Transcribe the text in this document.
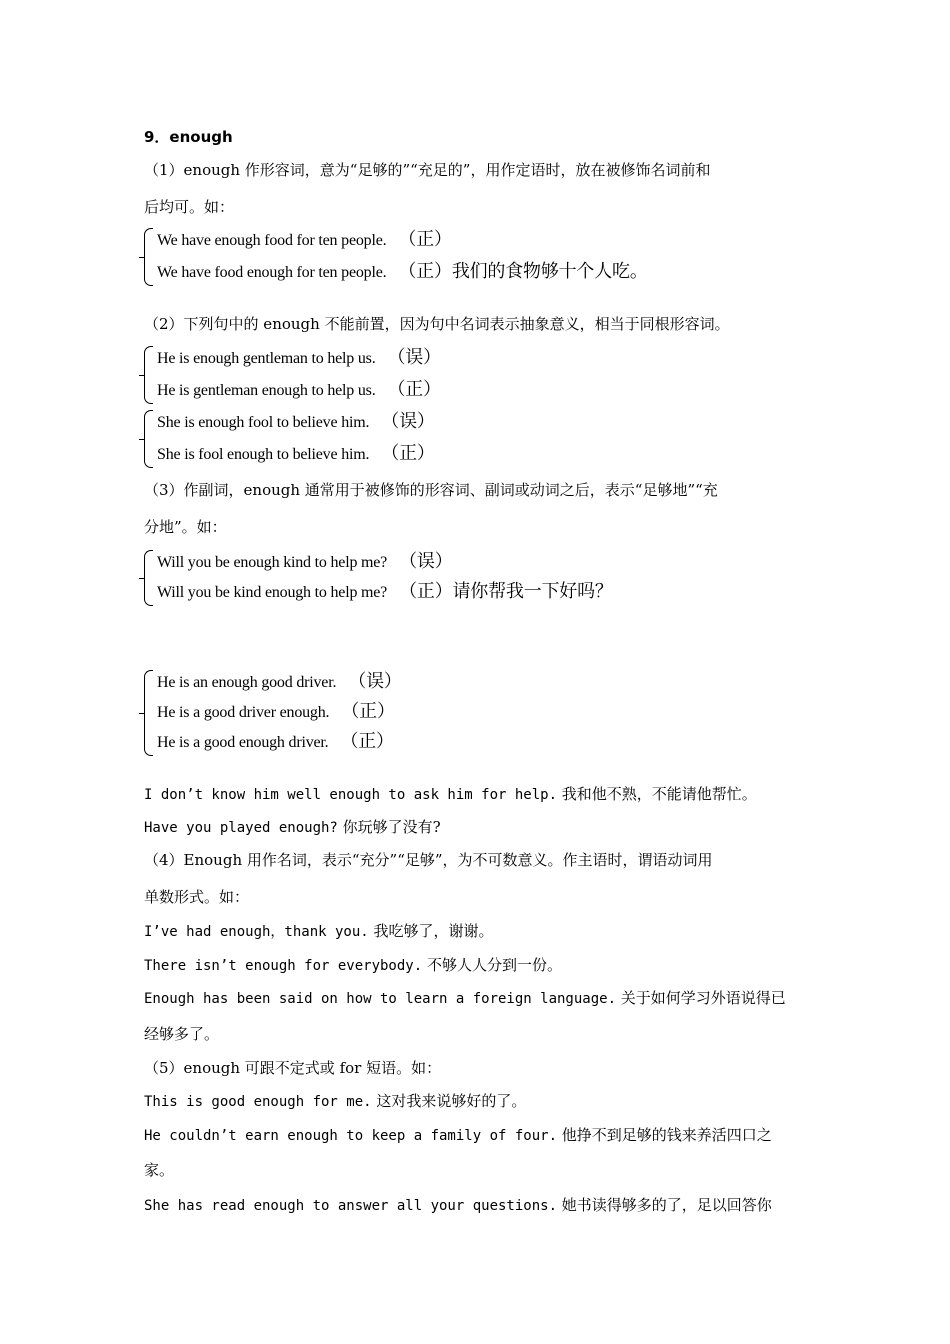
9．enough
（1）enough 作形容词，意为“足够的”“充足的”，用作定语时，放在被修饰名词前和
后均可。如：
We have enough food for ten people. （正）
We have food enough for ten people. （正）我们的食物够十个人吃。
（2）下列句中的 enough 不能前置，因为句中名词表示抽象意义，相当于同根形容词。
He is enough gentleman to help us. （误）
He is gentleman enough to help us. （正）
She is enough fool to believe him. （误）
She is fool enough to believe him. （正）
（3）作副词，enough 通常用于被修饰的形容词、副词或动词之后，表示“足够地”“充
分地”。如：
Will you be enough kind to help me? （误）
Will you be kind enough to help me? （正）请你帮我一下好吗？
He is an enough good driver. （误）
He is a good driver enough. （正）
He is a good enough driver. （正）
I don’t know him well enough to ask him for help. 我和他不熟，不能请他帮忙。
Have you played enough? 你玩够了没有?
（4）Enough 用作名词，表示“充分”“足够”，为不可数意义。作主语时，谓语动词用
单数形式。如：
I’ve had enough，thank you. 我吃够了，谢谢。
There isn’t enough for everybody. 不够人人分到一份。
Enough has been said on how to learn a foreign language. 关于如何学习外语说得已
经够多了。
（5）enough 可跟不定式或 for 短语。如：
This is good enough for me. 这对我来说够好的了。
He couldn’t earn enough to keep a family of four. 他挣不到足够的钱来养活四口之
家。
She has read enough to answer all your questions. 她书读得够多的了，足以回答你
